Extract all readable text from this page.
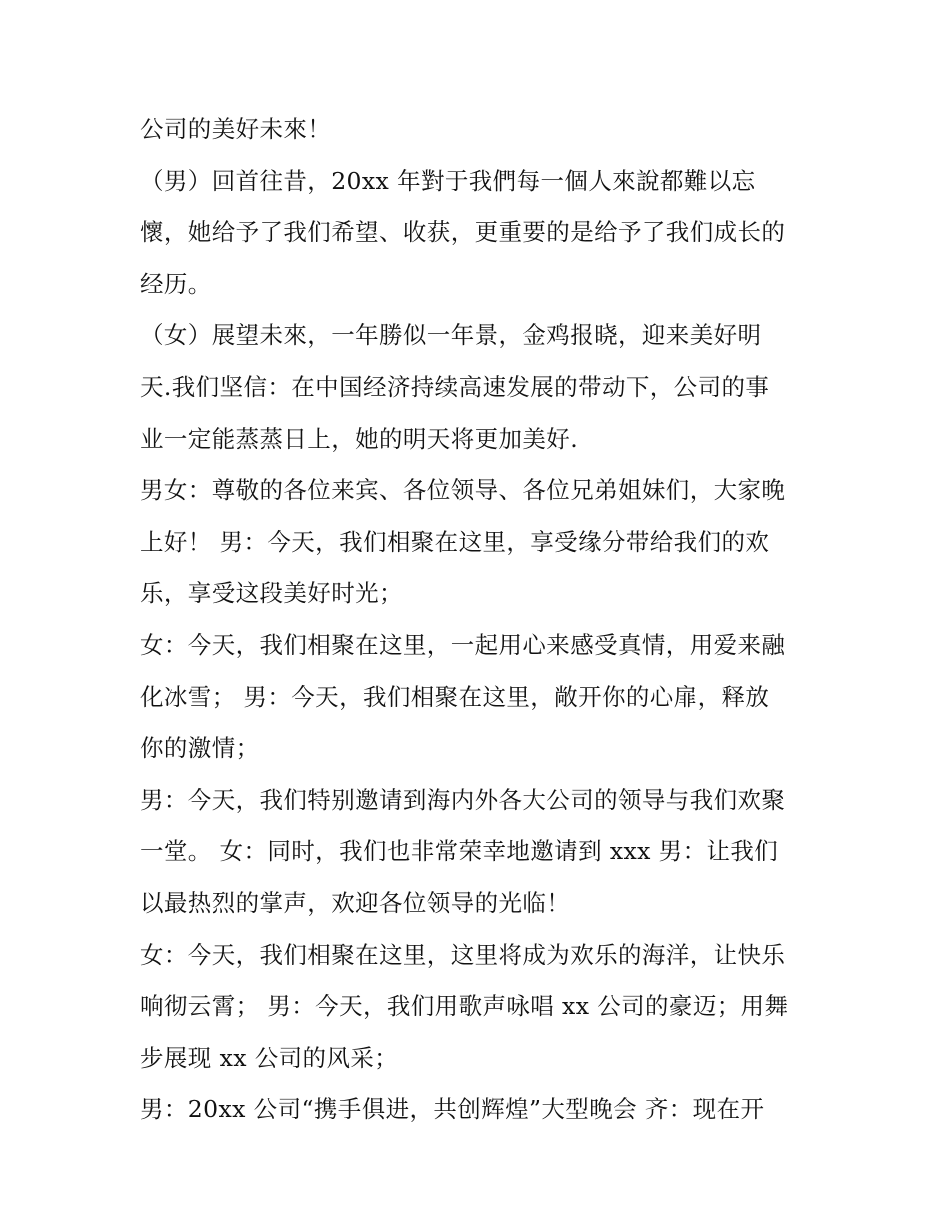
公司的美好未來！
（男）回首往昔，20xx 年對于我們每一個人來說都難以忘
懷，她给予了我们希望、收获，更重要的是给予了我们成长的
经历。
（女）展望未來，一年勝似一年景，金鸡报晓，迎来美好明
天.我们坚信：在中国经济持续高速发展的带动下，公司的事
业一定能蒸蒸日上，她的明天将更加美好.
男女：尊敬的各位来宾、各位领导、各位兄弟姐妹们，大家晚
上好！ 男：今天，我们相聚在这里，享受缘分带给我们的欢
乐，享受这段美好时光；
女：今天，我们相聚在这里，一起用心来感受真情，用爱来融
化冰雪； 男：今天，我们相聚在这里，敞开你的心扉，释放
你的激情；
男：今天，我们特别邀请到海内外各大公司的领导与我们欢聚
一堂。 女：同时，我们也非常荣幸地邀请到 xxx 男：让我们
以最热烈的掌声，欢迎各位领导的光临！
女：今天，我们相聚在这里，这里将成为欢乐的海洋，让快乐
响彻云霄； 男：今天，我们用歌声咏唱 xx 公司的豪迈；用舞
步展现 xx 公司的风采；
男：20xx 公司“携手俱进，共创辉煌”大型晚会 齐：现在开
